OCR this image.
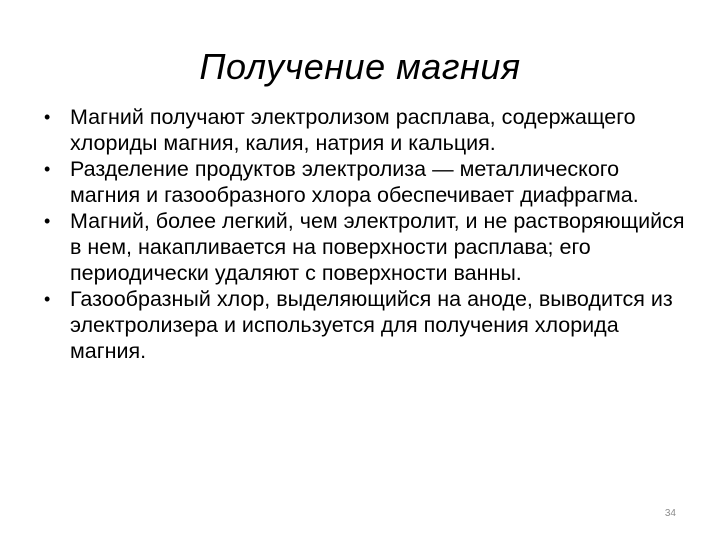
Получение магния
• Магний получают электролизом расплава, содержащего хлориды магния, калия, натрия и кальция.
• Разделение продуктов электролиза — металлического магния и газообразного хлора обеспечивает диафрагма.
• Магний, более легкий, чем электролит, и не растворяющийся в нем, накапливается на поверхности расплава; его периодически удаляют с поверхности ванны.
• Газообразный хлор, выделяющийся на аноде, выводится из электролизера и используется для получения хлорида магния.
34
